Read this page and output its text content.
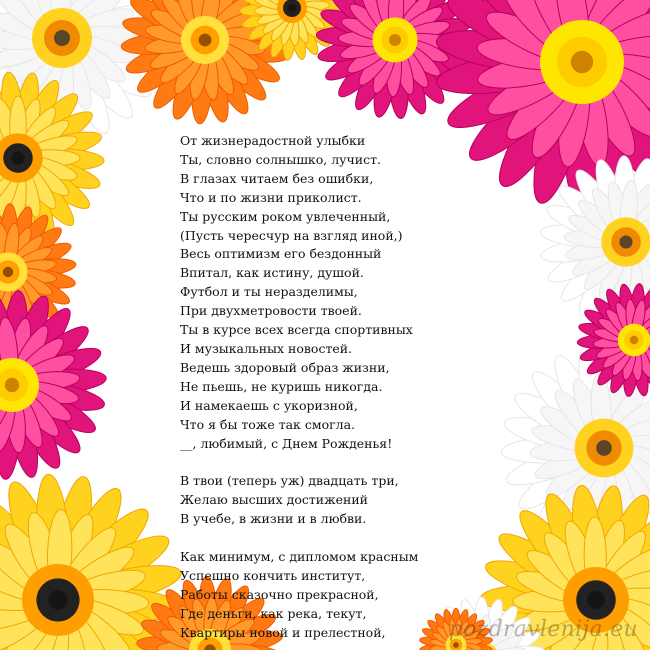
От жизнерадостной улыбки
Ты, словно солнышко, лучист.
В глазах читаем без ошибки,
Что и по жизни приколист.
Ты русским роком увлеченный,
(Пусть чересчур на взгляд иной,)
Весь оптимизм его бездонный
Впитал, как истину, душой.
Футбол и ты неразделимы,
При двухметровости твоей.
Ты в курсе всех всегда спортивных
И музыкальных новостей.
Ведешь здоровый образ жизни,
Не пьешь, не куришь никогда.
И намекаешь с укоризной,
Что я бы тоже так смогла.
__, любимый, с Днем Рожденья!
В твои (теперь уж) двадцать три,
Желаю высших достижений
В учебе, в жизни и в любви.
Как минимум, с дипломом красным
Успешно кончить институт,
Работы сказочно прекрасной,
Где деньги, как река, текут,
Квартиры новой и прелестной,	pozdravlenija.eu
